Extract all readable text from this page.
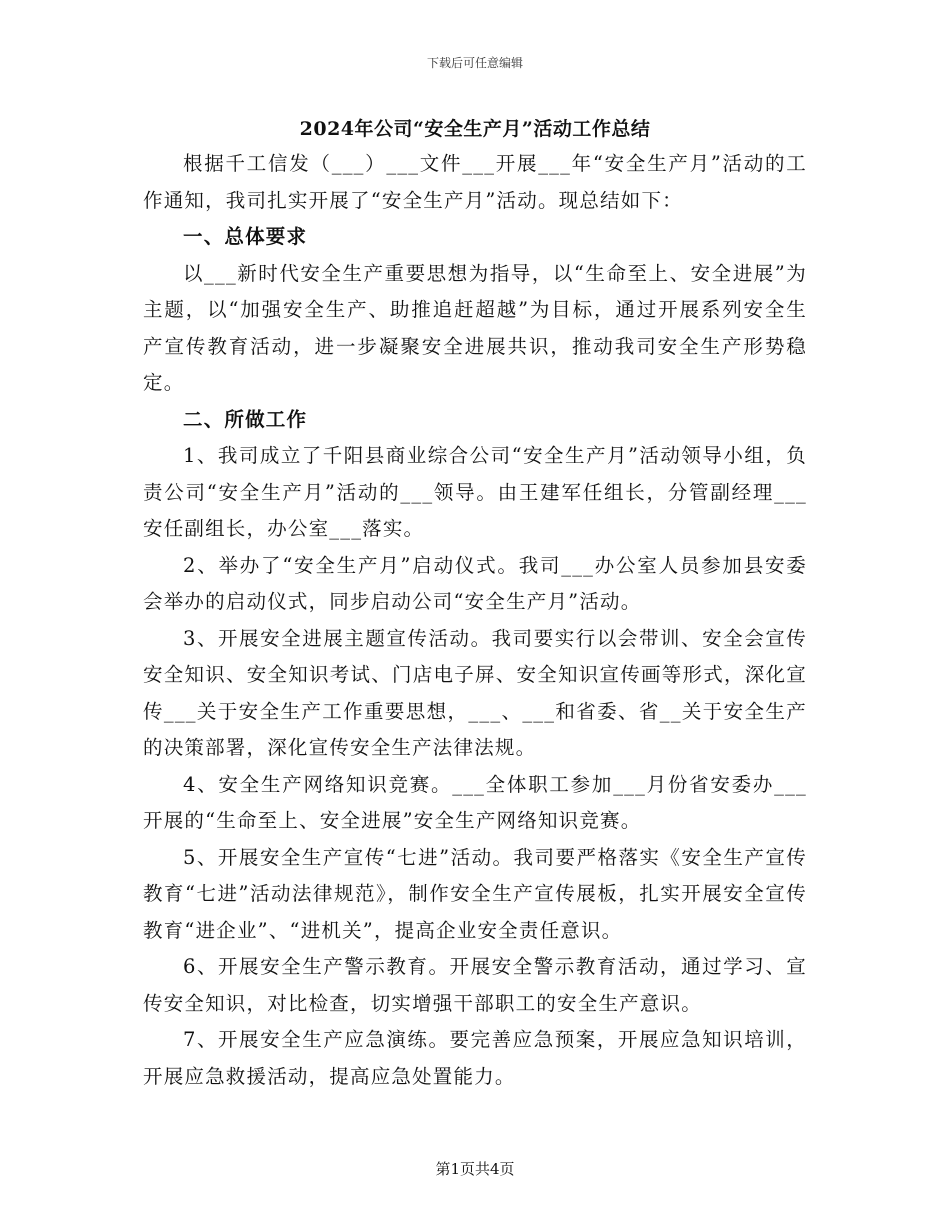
下载后可任意编辑
2024年公司“安全生产月”活动工作总结

根据千工信发（___）___文件___开展___年“安全生产月”活动的工作通知，我司扎实开展了“安全生产月”活动。现总结如下：

一、总体要求

以___新时代安全生产重要思想为指导，以“生命至上、安全进展”为主题，以“加强安全生产、助推追赶超越”为目标，通过开展系列安全生产宣传教育活动，进一步凝聚安全进展共识，推动我司安全生产形势稳定。

二、所做工作

1、我司成立了千阳县商业综合公司“安全生产月”活动领导小组，负责公司“安全生产月”活动的___领导。由王建军任组长，分管副经理___安任副组长，办公室___落实。

2、举办了“安全生产月”启动仪式。我司___办公室人员参加县安委会举办的启动仪式，同步启动公司“安全生产月”活动。

3、开展安全进展主题宣传活动。我司要实行以会带训、安全会宣传安全知识、安全知识考试、门店电子屏、安全知识宣传画等形式，深化宣传___关于安全生产工作重要思想，___、___和省委、省__关于安全生产的决策部署，深化宣传安全生产法律法规。

4、安全生产网络知识竞赛。___全体职工参加___月份省安委办___开展的“生命至上、安全进展”安全生产网络知识竞赛。

5、开展安全生产宣传“七进”活动。我司要严格落实《安全生产宣传教育“七进”活动法律规范》，制作安全生产宣传展板，扎实开展安全宣传教育“进企业”、“进机关”，提高企业安全责任意识。

6、开展安全生产警示教育。开展安全警示教育活动，通过学习、宣传安全知识，对比检查，切实增强干部职工的安全生产意识。

7、开展安全生产应急演练。要完善应急预案，开展应急知识培训，开展应急救援活动，提高应急处置能力。

第1页共4页
